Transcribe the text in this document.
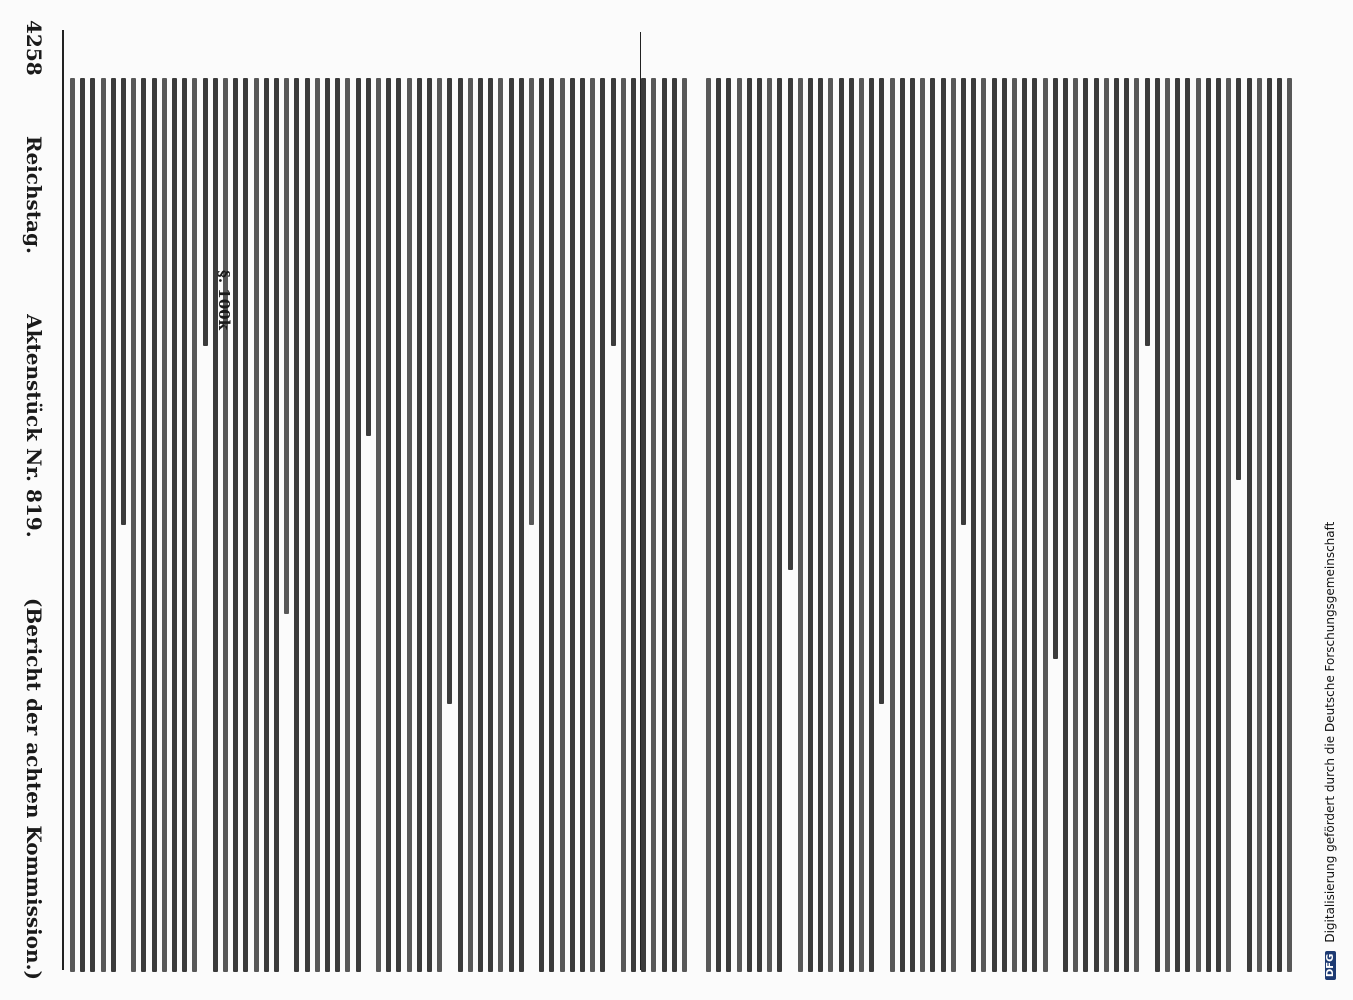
4258
Reichstag.
Aktenstück Nr. 819.
(Bericht der achten Kommission.)
§. 100k
DFG
Digitalisierung gefördert durch die Deutsche Forschungsgemeinschaft
